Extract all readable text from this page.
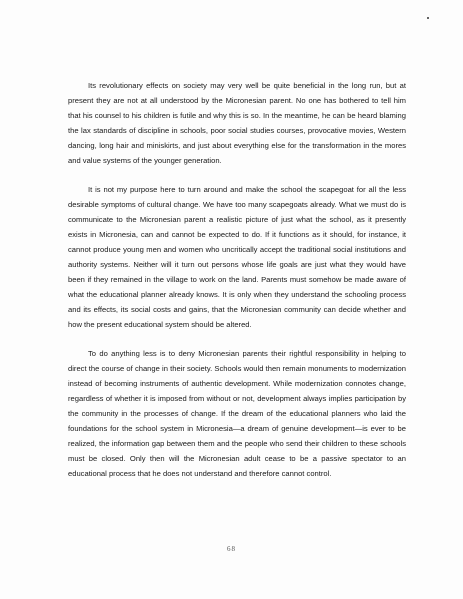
Its revolutionary effects on society may very well be quite beneficial in the long run, but at present they are not at all understood by the Micronesian parent. No one has bothered to tell him that his counsel to his children is futile and why this is so. In the meantime, he can be heard blaming the lax standards of discipline in schools, poor social studies courses, provocative movies, Western dancing, long hair and miniskirts, and just about everything else for the transformation in the mores and value systems of the younger generation.

It is not my purpose here to turn around and make the school the scapegoat for all the less desirable symptoms of cultural change. We have too many scapegoats already. What we must do is communicate to the Micronesian parent a realistic picture of just what the school, as it presently exists in Micronesia, can and cannot be expected to do. If it functions as it should, for instance, it cannot produce young men and women who uncritically accept the traditional social institutions and authority systems. Neither will it turn out persons whose life goals are just what they would have been if they remained in the village to work on the land. Parents must somehow be made aware of what the educational planner already knows. It is only when they understand the schooling process and its effects, its social costs and gains, that the Micronesian community can decide whether and how the present educational system should be altered.

To do anything less is to deny Micronesian parents their rightful responsibility in helping to direct the course of change in their society. Schools would then remain monuments to modernization instead of becoming instruments of authentic development. While modernization connotes change, regardless of whether it is imposed from without or not, development always implies participation by the community in the processes of change. If the dream of the educational planners who laid the foundations for the school system in Micronesia—a dream of genuine development—is ever to be realized, the information gap between them and the people who send their children to these schools must be closed. Only then will the Micronesian adult cease to be a passive spectator to an educational process that he does not understand and therefore cannot control.

68
